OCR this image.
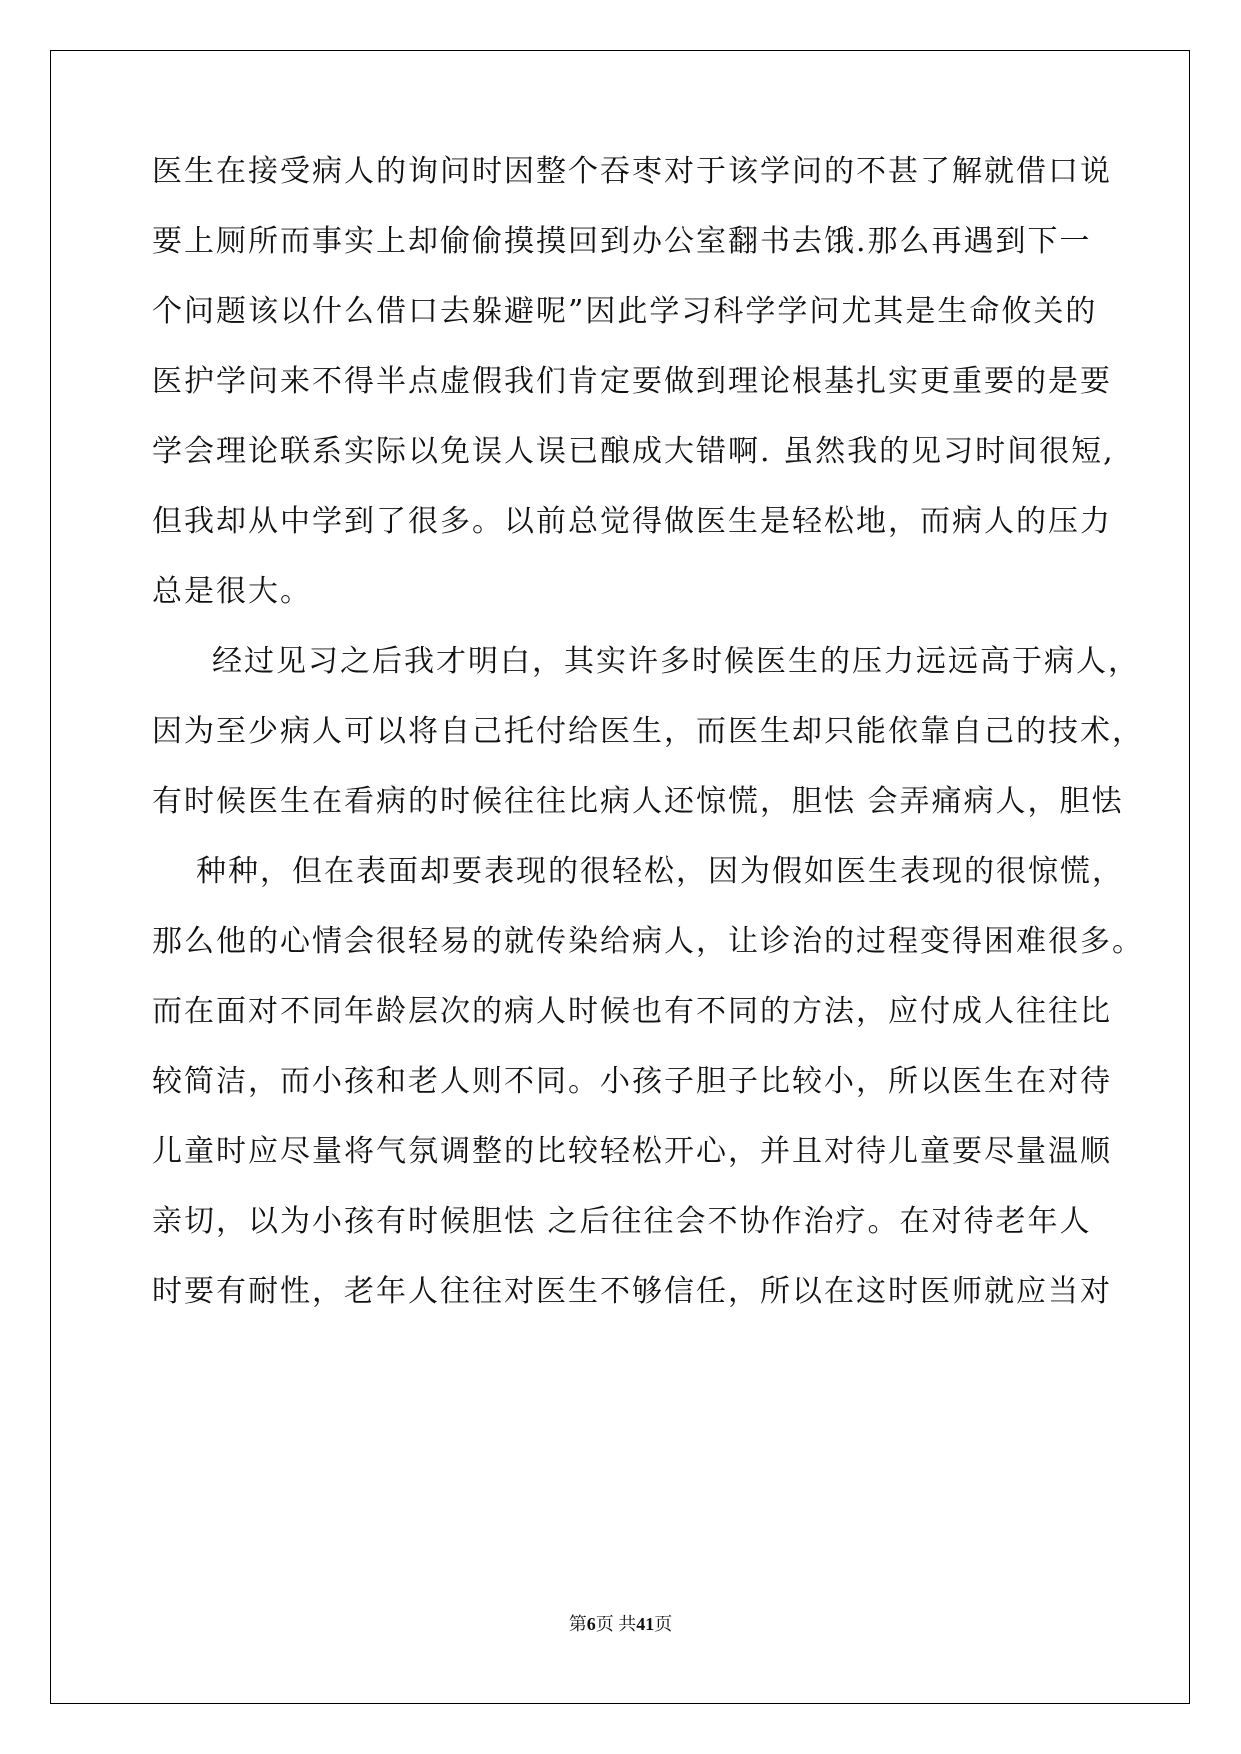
医生在接受病人的询问时因整个吞枣对于该学问的不甚了解就借口说
要上厕所而事实上却偷偷摸摸回到办公室翻书去饿.那么再遇到下一
个问题该以什么借口去躲避呢”因此学习科学学问尤其是生命攸关的
医护学问来不得半点虚假我们肯定要做到理论根基扎实更重要的是要
学会理论联系实际以免误人误已酿成大错啊. 虽然我的见习时间很短,
但我却从中学到了很多。以前总觉得做医生是轻松地，而病人的压力
总是很大。
经过见习之后我才明白，其实许多时候医生的压力远远高于病人，
因为至少病人可以将自己托付给医生，而医生却只能依靠自己的技术，
有时候医生在看病的时候往往比病人还惊慌，胆怯 会弄痛病人，胆怯
种种，但在表面却要表现的很轻松，因为假如医生表现的很惊慌，
那么他的心情会很轻易的就传染给病人，让诊治的过程变得困难很多。
而在面对不同年龄层次的病人时候也有不同的方法，应付成人往往比
较简洁，而小孩和老人则不同。小孩子胆子比较小，所以医生在对待
儿童时应尽量将气氛调整的比较轻松开心，并且对待儿童要尽量温顺
亲切，以为小孩有时候胆怯 之后往往会不协作治疗。在对待老年人
时要有耐性，老年人往往对医生不够信任，所以在这时医师就应当对
第6页 共41页
